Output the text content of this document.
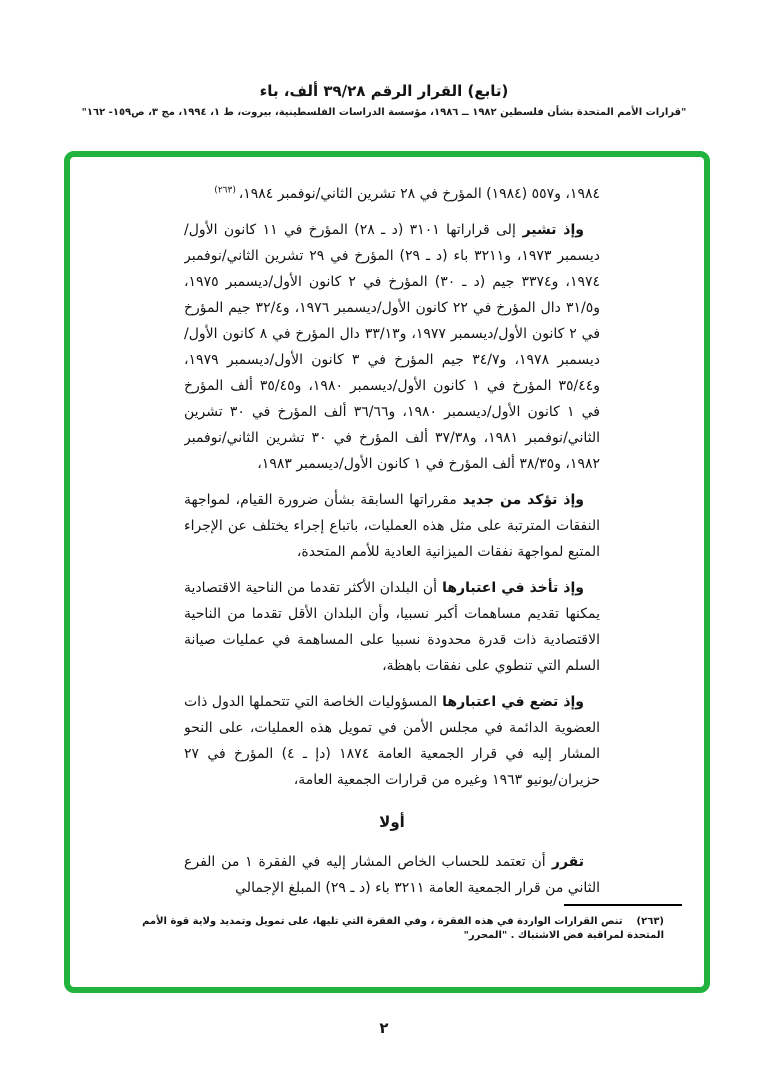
(تابع) القرار الرقم ٣٩/٢٨ ألف، باء
"قرارات الأمم المتحدة بشأن فلسطين ١٩٨٢ ــ ١٩٨٦، مؤسسة الدراسات الفلسطينية، بيروت، ط ١، ١٩٩٤، مج ٣، ص١٥٩- ١٦٢"

١٩٨٤، و٥٥٧ (١٩٨٤) المؤرخ في ٢٨ تشرين الثاني/نوفمبر ١٩٨٤، $^{(٢٦٣)}$

وإذ تشير إلى قراراتها ٣١٠١ (د ـ ٢٨) المؤرخ في ١١ كانون الأول/ديسمبر ١٩٧٣، و٣٢١١ باء (د ـ ٢٩) المؤرخ في ٢٩ تشرين الثاني/نوفمبر ١٩٧٤، و٣٣٧٤ جيم (د ـ ٣٠) المؤرخ في ٢ كانون الأول/ديسمبر ١٩٧٥، و٣١/٥ دال المؤرخ في ٢٢ كانون الأول/ديسمبر ١٩٧٦، و٣٢/٤ جيم المؤرخ في ٢ كانون الأول/ديسمبر ١٩٧٧، و٣٣/١٣ دال المؤرخ في ٨ كانون الأول/ديسمبر ١٩٧٨، و٣٤/٧ جيم المؤرخ في ٣ كانون الأول/ديسمبر ١٩٧٩، و٣٥/٤٤ المؤرخ في ١ كانون الأول/ديسمبر ١٩٨٠، و٣٥/٤٥ ألف المؤرخ في ١ كانون الأول/ديسمبر ١٩٨٠، و٣٦/٦٦ ألف المؤرخ في ٣٠ تشرين الثاني/نوفمبر ١٩٨١، و٣٧/٣٨ ألف المؤرخ في ٣٠ تشرين الثاني/نوفمبر ١٩٨٢، و٣٨/٣٥ ألف المؤرخ في ١ كانون الأول/ديسمبر ١٩٨٣،

وإذ تؤكد من جديد مقرراتها السابقة بشأن ضرورة القيام، لمواجهة النفقات المترتبة على مثل هذه العمليات، باتباع إجراء يختلف عن الإجراء المتبع لمواجهة نفقات الميزانية العادية للأمم المتحدة،

وإذ تأخذ في اعتبارها أن البلدان الأكثر تقدما من الناحية الاقتصادية يمكنها تقديم مساهمات أكبر نسبيا، وأن البلدان الأقل تقدما من الناحية الاقتصادية ذات قدرة محدودة نسبيا على المساهمة في عمليات صيانة السلم التي تنطوي على نفقات باهظة،

وإذ تضع في اعتبارها المسؤوليات الخاصة التي تتحملها الدول ذات العضوية الدائمة في مجلس الأمن في تمويل هذه العمليات، على النحو المشار إليه في قرار الجمعية العامة ١٨٧٤ (دإ ـ ٤) المؤرخ في ٢٧ حزيران/يونيو ١٩٦٣ وغيره من قرارات الجمعية العامة،

أولا

تقرر أن تعتمد للحساب الخاص المشار إليه في الفقرة ١ من الفرع الثاني من قرار الجمعية العامة ٣٢١١ باء (د ـ ٢٩) المبلغ الإجمالي

(٢٦٣)تنص القرارات الواردة في هذه الفقرة ، وفي الفقرة التي تليها، على تمويل وتمديد ولاية قوة الأمم المتحدة لمراقبة فض الاشتباك . "المحرر"
٢
